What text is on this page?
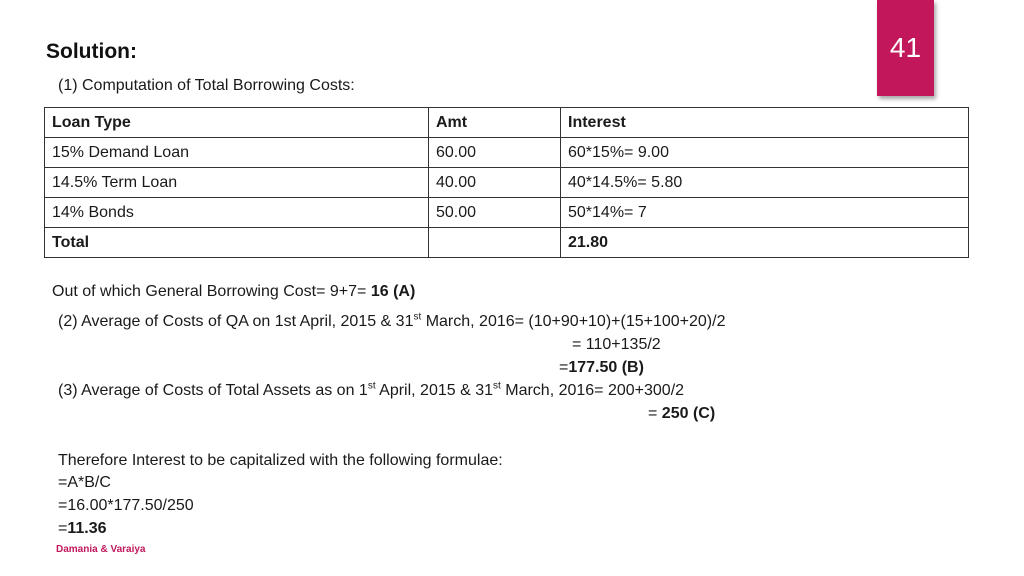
41
Solution:
(1) Computation of Total Borrowing Costs:
Loan Type	Amt	Interest
15% Demand Loan	60.00	60*15%= 9.00
14.5% Term Loan	40.00	40*14.5%= 5.80
14% Bonds	50.00	50*14%= 7
Total		21.80
Out of which General Borrowing Cost= 9+7= 16 (A)
(2) Average of Costs of QA on 1st April, 2015 & 31st March, 2016= (10+90+10)+(15+100+20)/2
= 110+135/2
=177.50 (B)
(3) Average of Costs of Total Assets as on 1st April, 2015 & 31st March, 2016= 200+300/2
= 250 (C)
Therefore Interest to be capitalized with the following formulae:
=A*B/C
=16.00*177.50/250
=11.36
Damania & Varaiya
